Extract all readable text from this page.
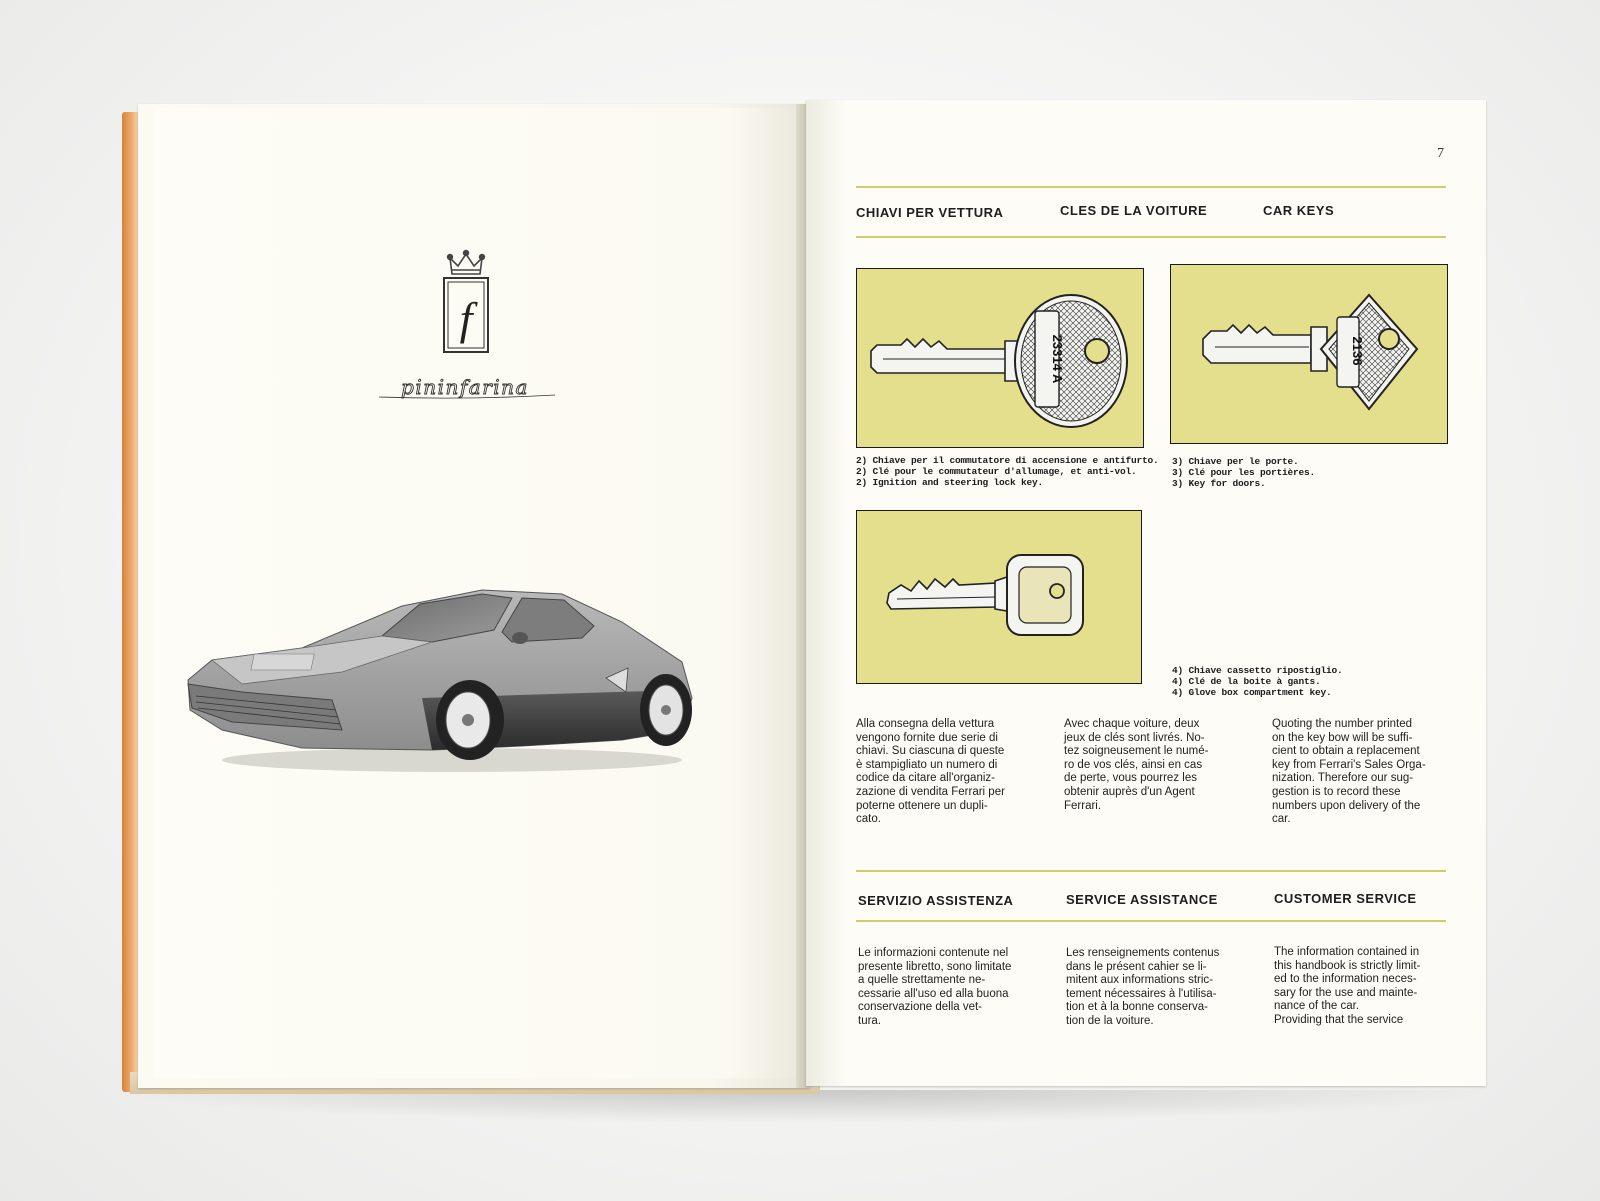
f
pininfarina
7
CHIAVI PER VETTURA	CLES DE LA VOITURE	CAR KEYS
23314 A
2) Chiave per il commutatore di accensione e antifurto.
2) Clé pour le commutateur d'allumage, et anti-vol.
2) Ignition and steering lock key.
2136
3) Chiave per le porte.
3) Clé pour les portières.
3) Key for doors.
4) Chiave cassetto ripostiglio.
4) Clé de la boite à gants.
4) Glove box compartment key.
Alla consegna della vettura
vengono fornite due serie di
chiavi. Su ciascuna di queste
è stampigliato un numero di
codice da citare all'organiz-
zazione di vendita Ferrari per
poterne ottenere un dupli-
cato.
Avec chaque voiture, deux
jeux de clés sont livrés. No-
tez soigneusement le numé-
ro de vos clés, ainsi en cas
de perte, vous pourrez les
obtenir auprès d'un Agent
Ferrari.
Quoting the number printed
on the key bow will be suffi-
cient to obtain a replacement
key from Ferrari's Sales Orga-
nization. Therefore our sug-
gestion is to record these
numbers upon delivery of the
car.
SERVIZIO ASSISTENZA	SERVICE ASSISTANCE	CUSTOMER SERVICE
Le informazioni contenute nel
presente libretto, sono limitate
a quelle strettamente ne-
cessarie all'uso ed alla buona
conservazione della vet-
tura.
Les renseignements contenus
dans le présent cahier se li-
mitent aux informations stric-
tement nécessaires à l'utilisa-
tion et à la bonne conserva-
tion de la voiture.
The information contained in
this handbook is strictly limit-
ed to the information neces-
sary for the use and mainte-
nance of the car.
Providing that the service
